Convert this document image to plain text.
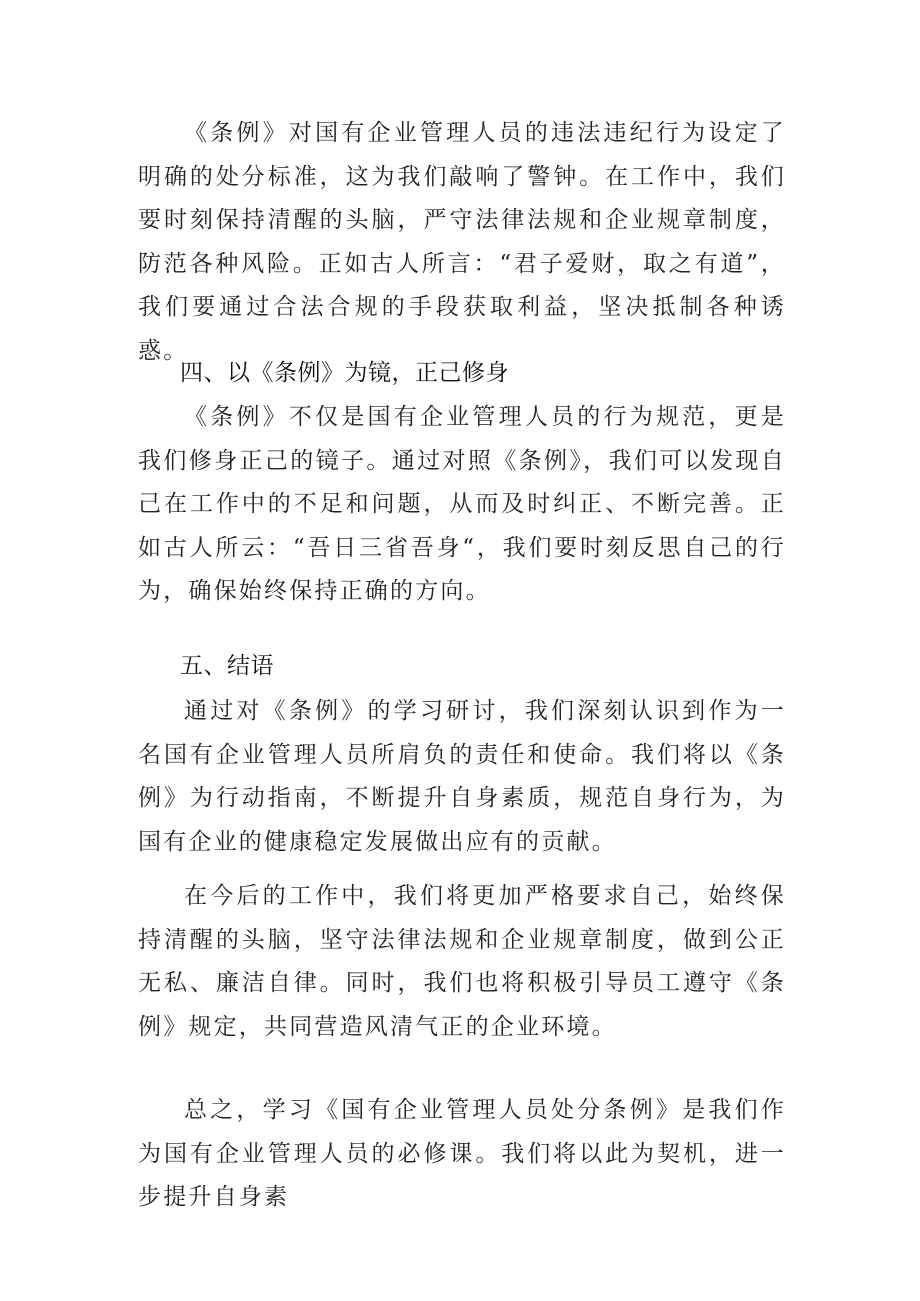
《条例》对国有企业管理人员的违法违纪行为设定了明确的处分标准，这为我们敲响了警钟。在工作中，我们要时刻保持清醒的头脑，严守法律法规和企业规章制度，防范各种风险。正如古人所言：“君子爱财，取之有道”，我们要通过合法合规的手段获取利益，坚决抵制各种诱惑。

四、以《条例》为镜，正己修身

《条例》不仅是国有企业管理人员的行为规范，更是我们修身正己的镜子。通过对照《条例》，我们可以发现自己在工作中的不足和问题，从而及时纠正、不断完善。正如古人所云：“吾日三省吾身“，我们要时刻反思自己的行为，确保始终保持正确的方向。

五、结语

通过对《条例》的学习研讨，我们深刻认识到作为一名国有企业管理人员所肩负的责任和使命。我们将以《条例》为行动指南，不断提升自身素质，规范自身行为，为国有企业的健康稳定发展做出应有的贡献。

在今后的工作中，我们将更加严格要求自己，始终保持清醒的头脑，坚守法律法规和企业规章制度，做到公正无私、廉洁自律。同时，我们也将积极引导员工遵守《条例》规定，共同营造风清气正的企业环境。

总之，学习《国有企业管理人员处分条例》是我们作为国有企业管理人员的必修课。我们将以此为契机，进一步提升自身素
